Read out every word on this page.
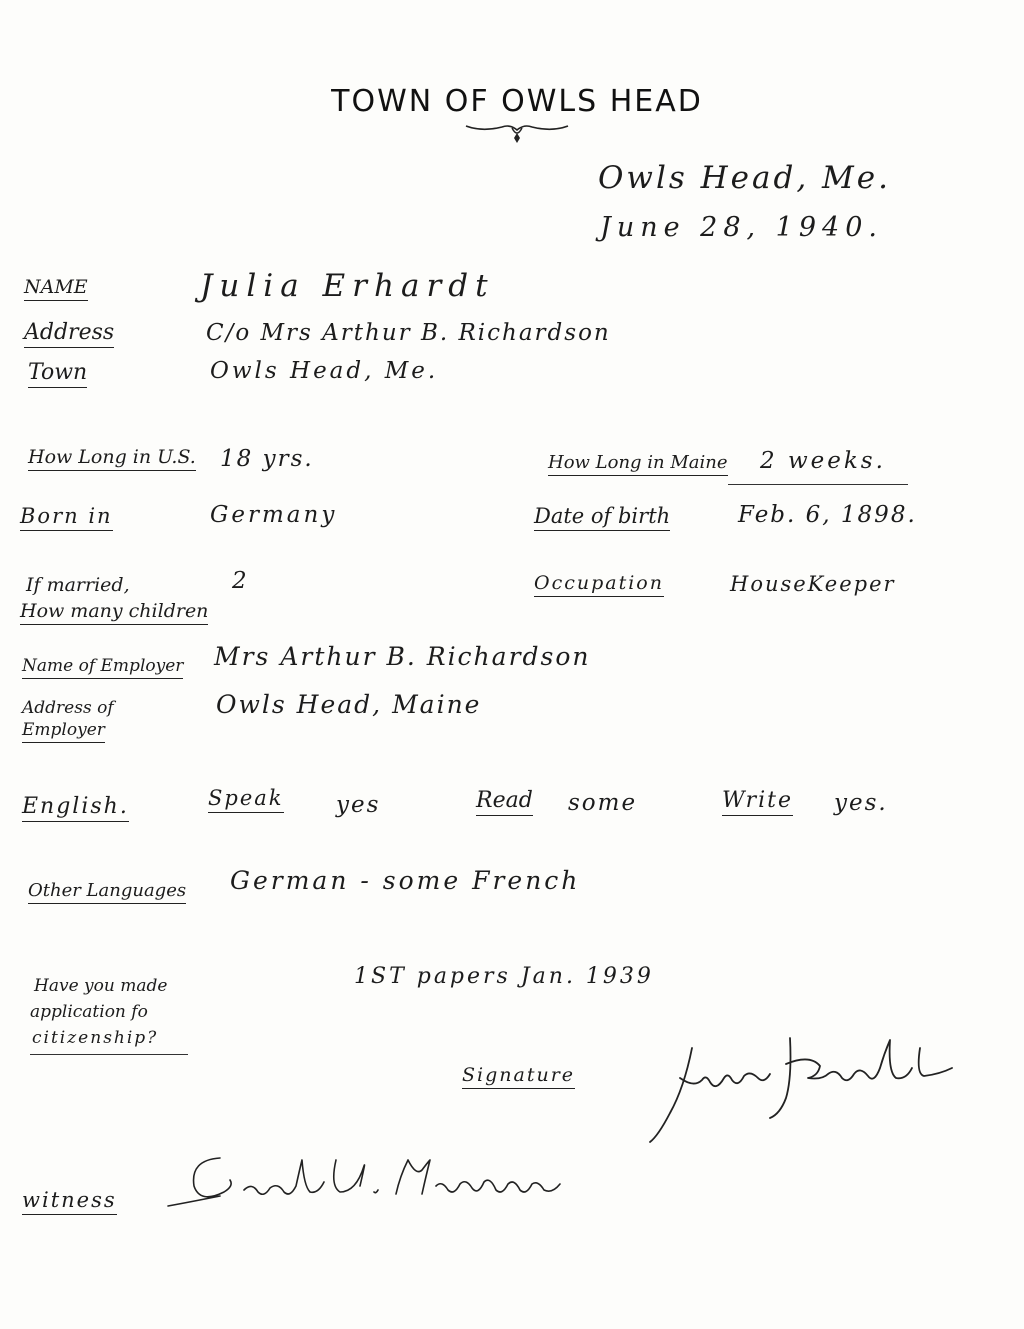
TOWN OF OWLS HEAD
Owls Head, Me.
June 28, 1940.
NAME	Julia Erhardt
Address	C/o Mrs Arthur B. Richardson
Town	Owls Head, Me.
How Long in U.S. 18 yrs.	How Long in Maine 2 weeks.
Born in	Germany	Date of birth	Feb. 6, 1898.
If married,
How many children
2	Occupation	HouseKeeper
Name of Employer Mrs Arthur B. Richardson
Address of
Employer
Owls Head, Maine
English.	Speak yes	Read some	Write yes.
Other Languages German - some French
Have you made
application fo
citizenship?
1ST papers Jan. 1939
Signature
witness
